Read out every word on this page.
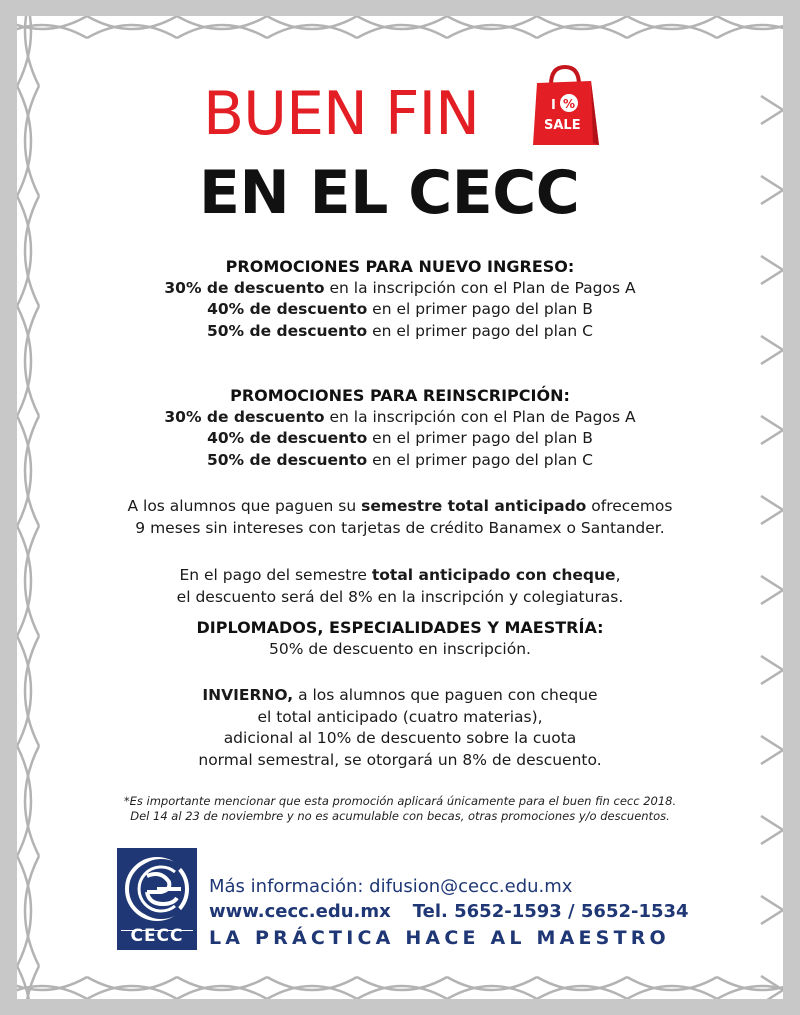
BUEN FIN	I %
SALE
EN EL CECC

PROMOCIONES PARA NUEVO INGRESO:

30% de descuento en la inscripción con el Plan de Pagos A

40% de descuento en el primer pago del plan B

50% de descuento en el primer pago del plan C

PROMOCIONES PARA REINSCRIPCIÓN:

30% de descuento en la inscripción con el Plan de Pagos A

40% de descuento en el primer pago del plan B

50% de descuento en el primer pago del plan C

A los alumnos que paguen su semestre total anticipado ofrecemos

9 meses sin intereses con tarjetas de crédito Banamex o Santander.

En el pago del semestre total anticipado con cheque,

el descuento será del 8% en la inscripción y colegiaturas.

DIPLOMADOS, ESPECIALIDADES Y MAESTRÍA:

50% de descuento en inscripción.

INVIERNO, a los alumnos que paguen con cheque

el total anticipado (cuatro materias),

adicional al 10% de descuento sobre la cuota

normal semestral, se otorgará un 8% de descuento.

*Es importante mencionar que esta promoción aplicará únicamente para el buen fin cecc 2018.
Del 14 al 23 de noviembre y no es acumulable con becas, otras promociones y/o descuentos.
CECC
Más información: difusion@cecc.edu.mx
www.cecc.edu.mx Tel. 5652-1593 / 5652-1534
LA PRÁCTICA HACE AL MAESTRO
